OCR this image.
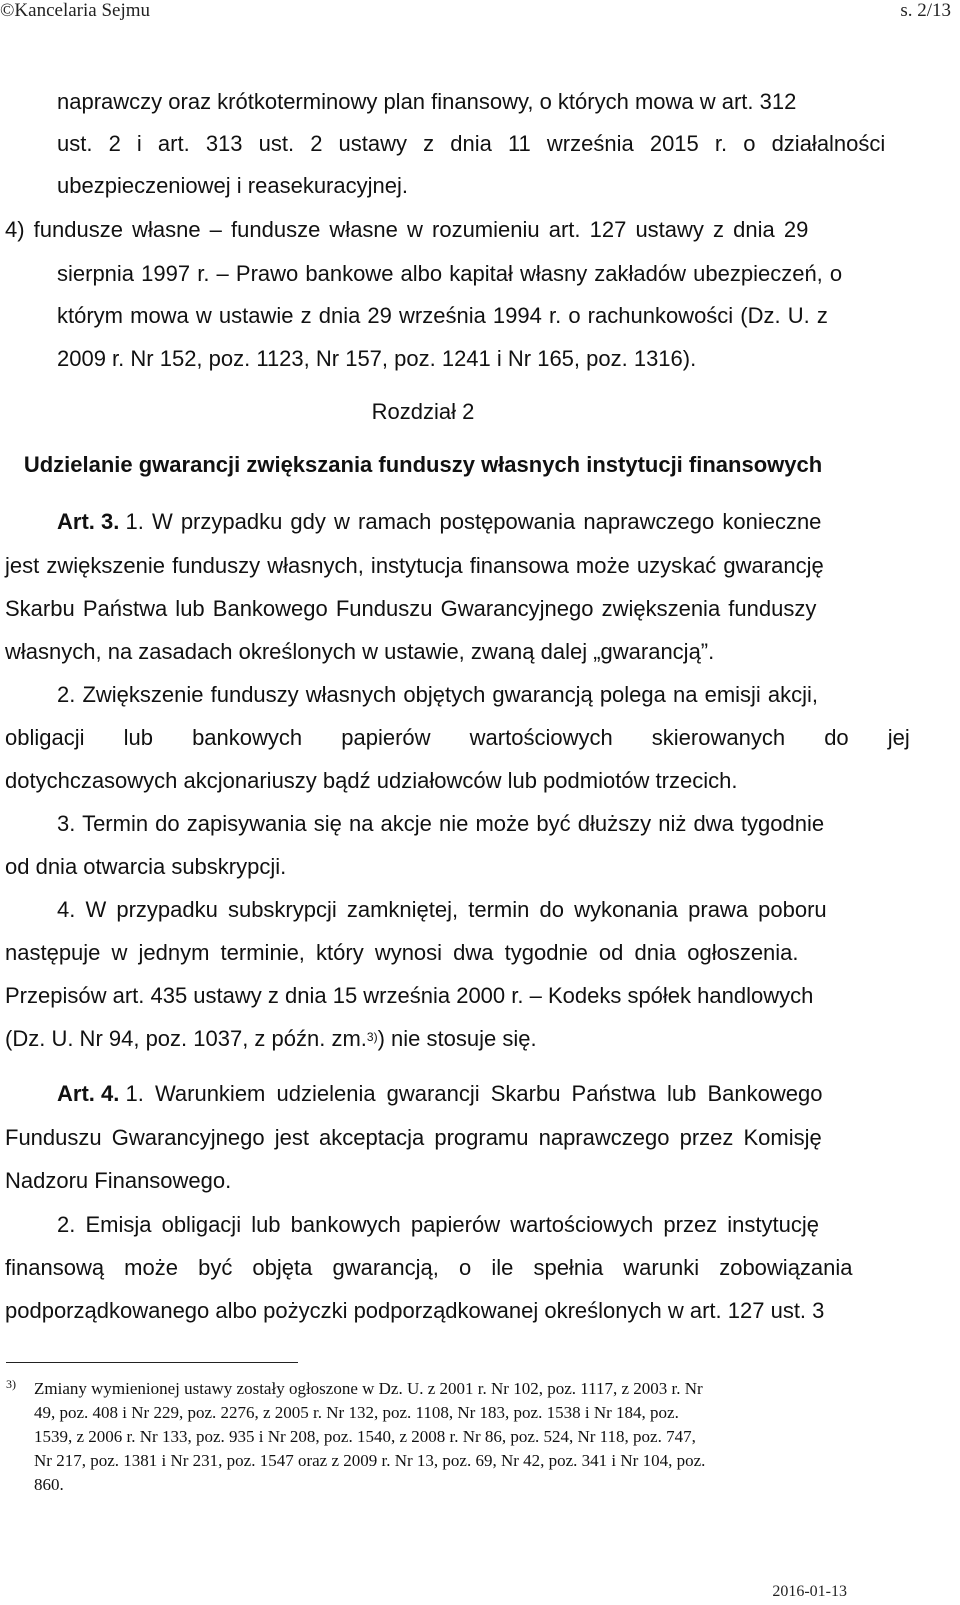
©Kancelaria Sejmu	s. 2/13
naprawczy oraz krótkoterminowy plan finansowy, o których mowa w art. 312
ust. 2 i art. 313 ust. 2 ustawy z dnia 11 września 2015 r. o działalności
ubezpieczeniowej i reasekuracyjnej.
4) fundusze własne – fundusze własne w rozumieniu art. 127 ustawy z dnia 29
sierpnia 1997 r. – Prawo bankowe albo kapitał własny zakładów ubezpieczeń, o
którym mowa w ustawie z dnia 29 września 1994 r. o rachunkowości (Dz. U. z
2009 r. Nr 152, poz. 1123, Nr 157, poz. 1241 i Nr 165, poz. 1316).
Rozdział 2
Udzielanie gwarancji zwiększania funduszy własnych instytucji finansowych
Art. 3. 1. W przypadku gdy w ramach postępowania naprawczego konieczne
jest zwiększenie funduszy własnych, instytucja finansowa może uzyskać gwarancję
Skarbu Państwa lub Bankowego Funduszu Gwarancyjnego zwiększenia funduszy
własnych, na zasadach określonych w ustawie, zwaną dalej „gwarancją”.
2. Zwiększenie funduszy własnych objętych gwarancją polega na emisji akcji,
obligacji lub bankowych papierów wartościowych skierowanych do jej
dotychczasowych akcjonariuszy bądź udziałowców lub podmiotów trzecich.
3. Termin do zapisywania się na akcje nie może być dłuższy niż dwa tygodnie
od dnia otwarcia subskrypcji.
4. W przypadku subskrypcji zamkniętej, termin do wykonania prawa poboru
następuje w jednym terminie, który wynosi dwa tygodnie od dnia ogłoszenia.
Przepisów art. 435 ustawy z dnia 15 września 2000 r. – Kodeks spółek handlowych
(Dz. U. Nr 94, poz. 1037, z późn. zm.$^{3)}$) nie stosuje się.
Art. 4. 1. Warunkiem udzielenia gwarancji Skarbu Państwa lub Bankowego
Funduszu Gwarancyjnego jest akceptacja programu naprawczego przez Komisję
Nadzoru Finansowego.
2. Emisja obligacji lub bankowych papierów wartościowych przez instytucję
finansową może być objęta gwarancją, o ile spełnia warunki zobowiązania
podporządkowanego albo pożyczki podporządkowanej określonych w art. 127 ust. 3
3) Zmiany wymienionej ustawy zostały ogłoszone w Dz. U. z 2001 r. Nr 102, poz. 1117, z 2003 r. Nr
49, poz. 408 i Nr 229, poz. 2276, z 2005 r. Nr 132, poz. 1108, Nr 183, poz. 1538 i Nr 184, poz.
1539, z 2006 r. Nr 133, poz. 935 i Nr 208, poz. 1540, z 2008 r. Nr 86, poz. 524, Nr 118, poz. 747,
Nr 217, poz. 1381 i Nr 231, poz. 1547 oraz z 2009 r. Nr 13, poz. 69, Nr 42, poz. 341 i Nr 104, poz.
860.
2016-01-13
